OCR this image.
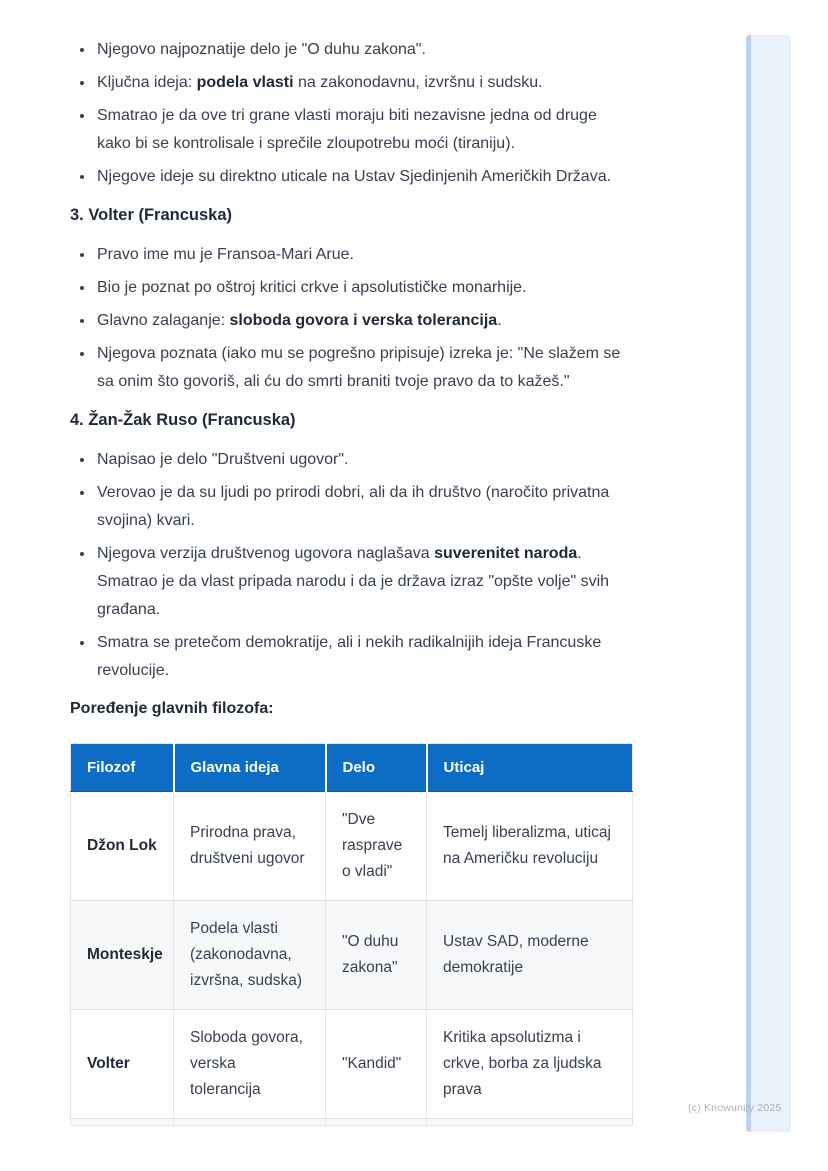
• Njegovo najpoznatije delo je "O duhu zakona".
• Ključna ideja: podela vlasti na zakonodavnu, izvršnu i sudsku.
• Smatrao je da ove tri grane vlasti moraju biti nezavisne jedna od druge kako bi se kontrolisale i sprečile zloupotrebu moći (tiraniju).
• Njegove ideje su direktno uticale na Ustav Sjedinjenih Američkih Država.
3. Volter (Francuska)
• Pravo ime mu je Fransoa-Mari Arue.
• Bio je poznat po oštroj kritici crkve i apsolutističke monarhije.
• Glavno zalaganje: sloboda govora i verska tolerancija.
• Njegova poznata (iako mu se pogrešno pripisuje) izreka je: "Ne slažem se sa onim što govoriš, ali ću do smrti braniti tvoje pravo da to kažeš."
4. Žan-Žak Ruso (Francuska)
• Napisao je delo "Društveni ugovor".
• Verovao je da su ljudi po prirodi dobri, ali da ih društvo (naročito privatna svojina) kvari.
• Njegova verzija društvenog ugovora naglašava suverenitet naroda. Smatrao je da vlast pripada narodu i da je država izraz "opšte volje" svih građana.
• Smatra se pretečom demokratije, ali i nekih radikalnijih ideja Francuske revolucije.

Poređenje glavnih filozofa:

Filozof	Glavna ideja	Delo	Uticaj
Džon Lok	Prirodna prava, društveni ugovor	"Dve rasprave o vladi"	Temelj liberalizma, uticaj na Američku revoluciju
Monteskje	Podela vlasti (zakonodavna, izvršna, sudska)	"O duhu zakona"	Ustav SAD, moderne demokratije
Volter	Sloboda govora, verska tolerancija	"Kandid"	Kritika apsolutizma i crkve, borba za ljudska prava

(c) Knowunity 2025
